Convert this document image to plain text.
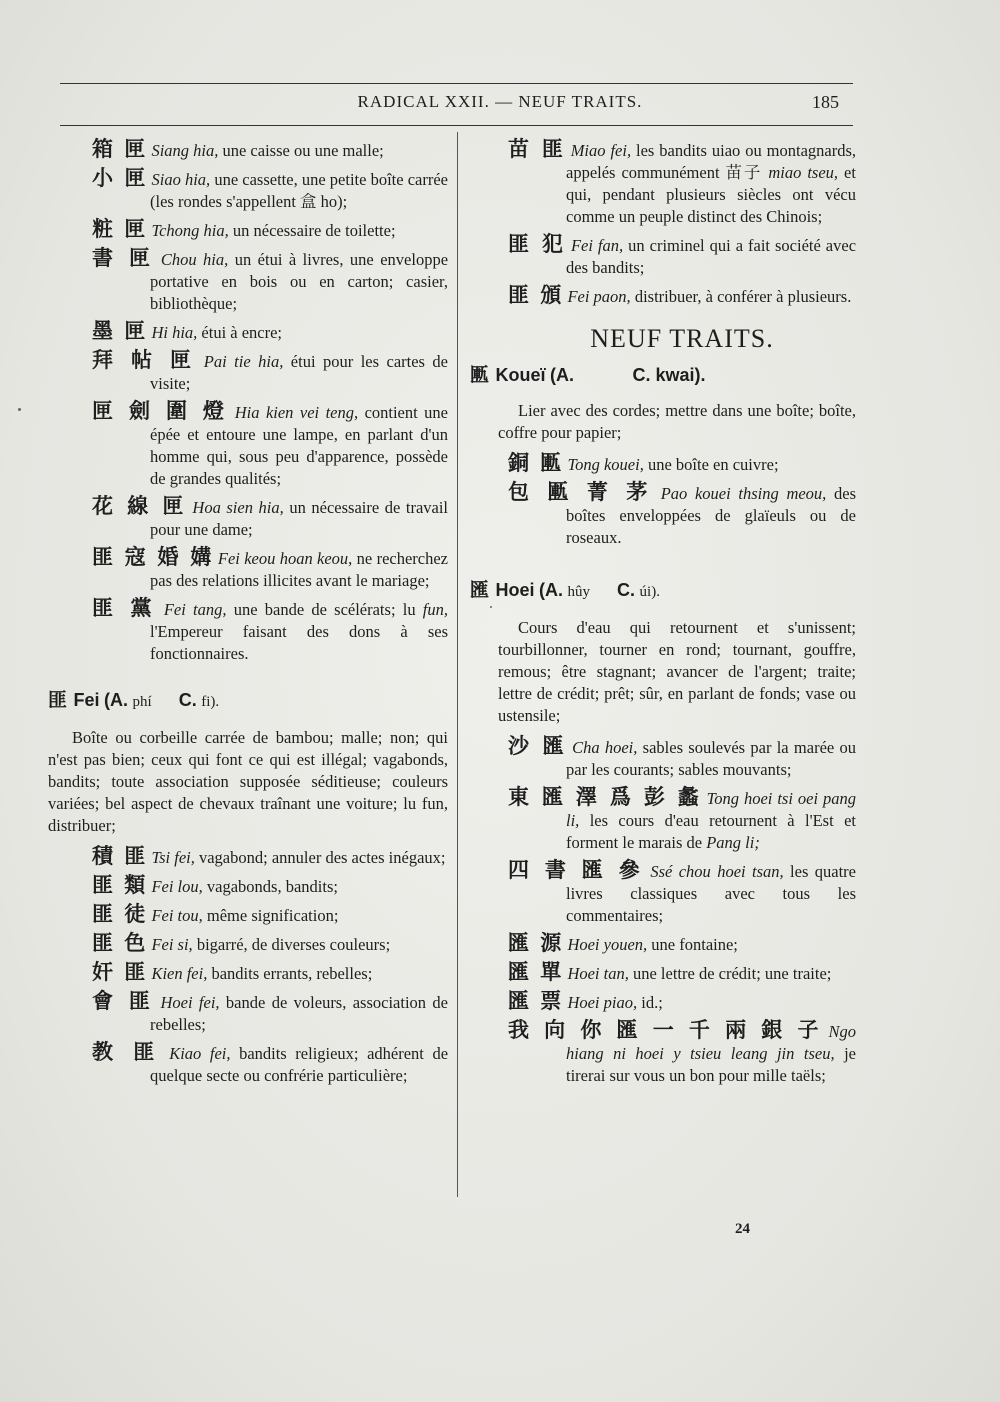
RADICAL XXII. — NEUF TRAITS.	185
箱 匣 Siang hia, une caisse ou une malle;
小 匣 Siao hia, une cassette, une petite boîte carrée (les rondes s'appellent 盒 ho);
粧 匣 Tchong hia, un nécessaire de toilette;
書 匣 Chou hia, un étui à livres, une enveloppe portative en bois ou en carton; casier, bibliothèque;
墨 匣 Hi hia, étui à encre;
拜 帖 匣 Pai tie hia, étui pour les cartes de visite;
匣 劍 圍 燈 Hia kien vei teng, contient une épée et entoure une lampe, en parlant d'un homme qui, sous peu d'apparence, possède de grandes qualités;
花 線 匣 Hoa sien hia, un nécessaire de travail pour une dame;
匪 寇 婚 媾 Fei keou hoan keou, ne recherchez pas des relations illicites avant le mariage;
匪 黨 Fei tang, une bande de scélérats; lu fun, l'Empereur faisant des dons à ses fonctionnaires.
匪 Fei (A. phí C. fi).
Boîte ou corbeille carrée de bambou; malle; non; qui n'est pas bien; ceux qui font ce qui est illégal; vagabonds, bandits; toute association supposée séditieuse; couleurs variées; bel aspect de chevaux traînant une voiture; lu fun, distribuer;
積 匪 Tsi fei, vagabond; annuler des actes inégaux;
匪 類 Fei lou, vagabonds, bandits;
匪 徒 Fei tou, même signification;
匪 色 Fei si, bigarré, de diverses couleurs;
奸 匪 Kien fei, bandits errants, rebelles;
會 匪 Hoei fei, bande de voleurs, association de rebelles;
教 匪 Kiao fei, bandits religieux; adhérent de quelque secte ou confrérie particulière;
苗 匪 Miao fei, les bandits uiao ou montagnards, appelés communément 苗子 miao tseu, et qui, pendant plusieurs siècles ont vécu comme un peuple distinct des Chinois;
匪 犯 Fei fan, un criminel qui a fait société avec des bandits;
匪 頒 Fei paon, distribuer, à conférer à plusieurs.
NEUF TRAITS.
匭 Koueï (A.	C. kwai).
Lier avec des cordes; mettre dans une boîte; boîte, coffre pour papier;
銅 匭 Tong kouei, une boîte en cuivre;
包 匭 菁 茅 Pao kouei thsing meou, des boîtes enveloppées de glaïeuls ou de roseaux.
匯 Hoei (A. hûy C. úi).
Cours d'eau qui retournent et s'unissent; tourbillonner, tourner en rond; tournant, gouffre, remous; être stagnant; avancer de l'argent; traite; lettre de crédit; prêt; sûr, en parlant de fonds; vase ou ustensile;
沙 匯 Cha hoei, sables soulevés par la marée ou par les courants; sables mouvants;
東 匯 澤 爲 彭 蠡 Tong hoei tsi oei pang li, les cours d'eau retournent à l'Est et forment le marais de Pang li;
四 書 匯 參 Ssé chou hoei tsan, les quatre livres classiques avec tous les commentaires;
匯 源 Hoei youen, une fontaine;
匯 單 Hoei tan, une lettre de crédit; une traite;
匯 票 Hoei piao, id.;
我 向 你 匯 一 千 兩 銀 子 Ngo hiang ni hoei y tsieu leang jin tseu, je tirerai sur vous un bon pour mille taëls;
24
